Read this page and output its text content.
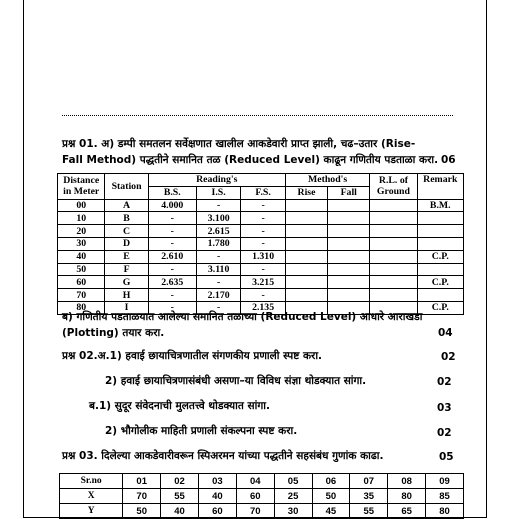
प्रश्न 01. अ) डम्पी समतलन सर्वेक्षणात खालील आकडेवारी प्राप्त झाली, चढ–उतार (Rise-
Fall Method) पद्धतीने समानित तळ (Reduced Level) काढून गणितीय पडताळा करा. 06
Distance in Meter	Station	Reading's			Method's		R.L. of Ground	Remark
		B.S.	I.S.	F.S.	Rise	Fall		
00	A	4.000	-	-				B.M.
10	B	-	3.100	-				
20	C	-	2.615	-				
30	D	-	1.780	-				
40	E	2.610	-	1.310				C.P.
50	F	-	3.110	-				
60	G	2.635	-	3.215				C.P.
70	H	-	2.170	-				
80	I	-	-	2.135				C.P.
ब) गणितीय पडताळयात आलेल्या समानित तळाच्या (Reduced Level) आधारे आराखडा
(Plotting) तयार करा.	04
प्रश्न 02.अ.1) हवाई छायाचित्रणातील संगणकीय प्रणाली स्पष्ट करा.	02
2) हवाई छायाचित्रणासंबंधी असणा–या विविध संज्ञा थोडक्यात सांगा.	02
ब.1) सुदूर संवेदनाची मुलतत्त्वे थोडक्यात सांगा.	03
2) भौगोलीक माहिती प्रणाली संकल्पना स्पष्ट करा.	02
प्रश्न 03. दिलेल्या आकडेवारीवरून स्पिअरमन यांच्या पद्धतीने सहसंबंध गुणांक काढा.	05
Sr.no	01	02	03	04	05	06	07	08	09
X	70	55	40	60	25	50	35	80	85
Y	50	40	60	70	30	45	55	65	80
